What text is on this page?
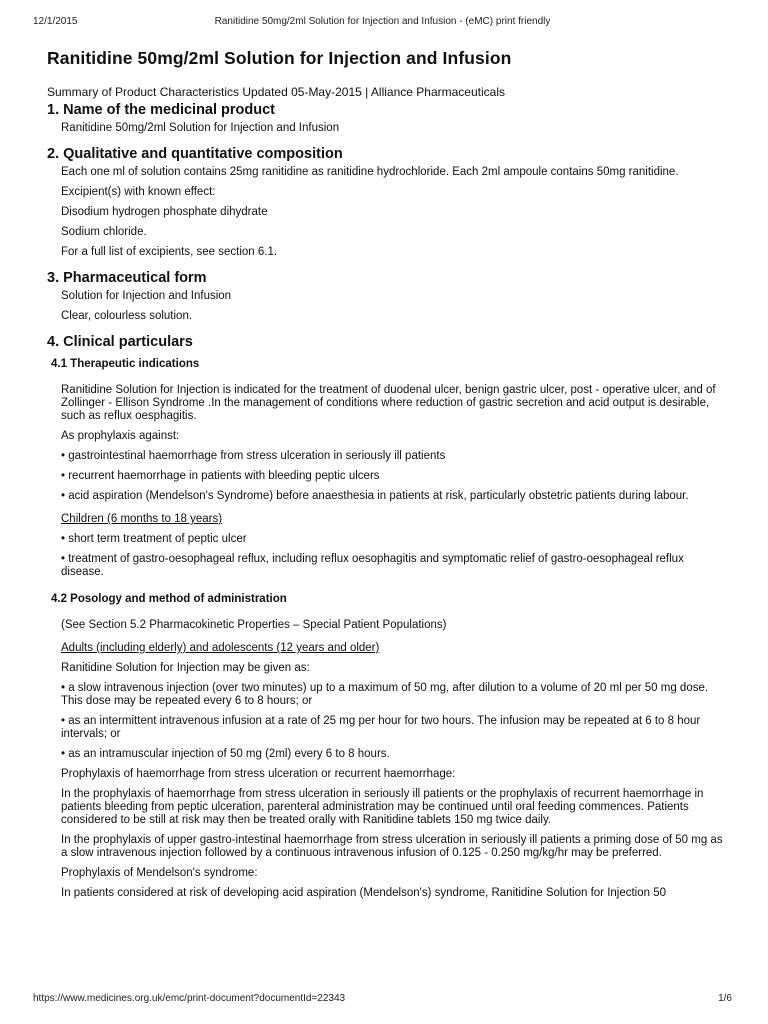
12/1/2015	Ranitidine 50mg/2ml Solution for Injection and Infusion - (eMC) print friendly
Ranitidine 50mg/2ml Solution for Injection and Infusion
Summary of Product Characteristics Updated 05-May-2015 | Alliance Pharmaceuticals
1. Name of the medicinal product

Ranitidine 50mg/2ml Solution for Injection and Infusion

2. Qualitative and quantitative composition

Each one ml of solution contains 25mg ranitidine as ranitidine hydrochloride. Each 2ml ampoule contains 50mg ranitidine.

Excipient(s) with known effect:

Disodium hydrogen phosphate dihydrate

Sodium chloride.

For a full list of excipients, see section 6.1.

3. Pharmaceutical form

Solution for Injection and Infusion

Clear, colourless solution.

4. Clinical particulars
4.1 Therapeutic indications

Ranitidine Solution for Injection is indicated for the treatment of duodenal ulcer, benign gastric ulcer, post - operative ulcer, and of Zollinger - Ellison Syndrome .In the management of conditions where reduction of gastric secretion and acid output is desirable, such as reflux oesphagitis.

As prophylaxis against:

• gastrointestinal haemorrhage from stress ulceration in seriously ill patients

• recurrent haemorrhage in patients with bleeding peptic ulcers

• acid aspiration (Mendelson's Syndrome) before anaesthesia in patients at risk, particularly obstetric patients during labour.

Children (6 months to 18 years)

• short term treatment of peptic ulcer

• treatment of gastro-oesophageal reflux, including reflux oesophagitis and symptomatic relief of gastro-oesophageal reflux disease.

4.2 Posology and method of administration

(See Section 5.2 Pharmacokinetic Properties – Special Patient Populations)

Adults (including elderly) and adolescents (12 years and older)

Ranitidine Solution for Injection may be given as:

• a slow intravenous injection (over two minutes) up to a maximum of 50 mg, after dilution to a volume of 20 ml per 50 mg dose. This dose may be repeated every 6 to 8 hours; or

• as an intermittent intravenous infusion at a rate of 25 mg per hour for two hours. The infusion may be repeated at 6 to 8 hour intervals; or

• as an intramuscular injection of 50 mg (2ml) every 6 to 8 hours.

Prophylaxis of haemorrhage from stress ulceration or recurrent haemorrhage:

In the prophylaxis of haemorrhage from stress ulceration in seriously ill patients or the prophylaxis of recurrent haemorrhage in patients bleeding from peptic ulceration, parenteral administration may be continued until oral feeding commences. Patients considered to be still at risk may then be treated orally with Ranitidine tablets 150 mg twice daily.

In the prophylaxis of upper gastro-intestinal haemorrhage from stress ulceration in seriously ill patients a priming dose of 50 mg as a slow intravenous injection followed by a continuous intravenous infusion of 0.125 - 0.250 mg/kg/hr may be preferred.

Prophylaxis of Mendelson's syndrome:

In patients considered at risk of developing acid aspiration (Mendelson's) syndrome, Ranitidine Solution for Injection 50

https://www.medicines.org.uk/emc/print-document?documentId=22343	1/6
